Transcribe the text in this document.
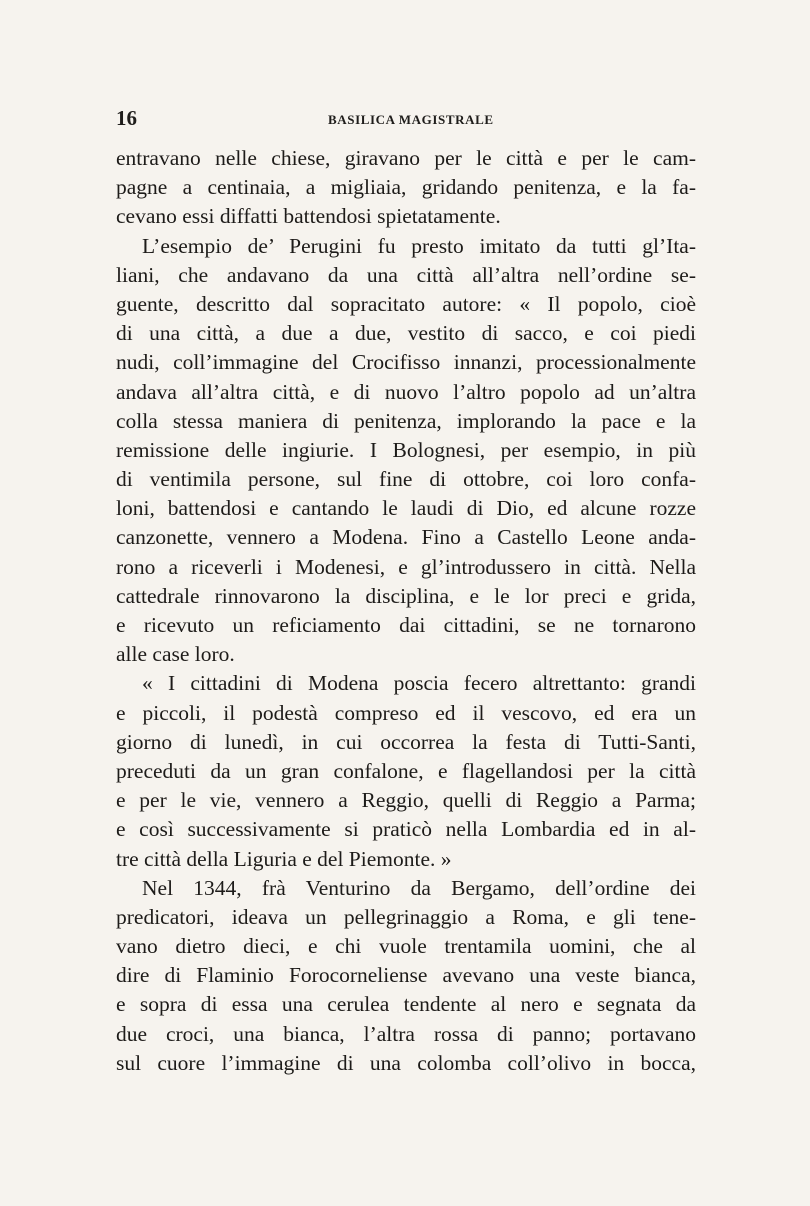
16	BASILICA MAGISTRALE
entravano nelle chiese, giravano per le città e per le cam-
pagne a centinaia, a migliaia, gridando penitenza, e la fa-
cevano essi diffatti battendosi spietatamente.
L’esempio de’ Perugini fu presto imitato da tutti gl’Ita-
liani, che andavano da una città all’altra nell’ordine se-
guente, descritto dal sopracitato autore: « Il popolo, cioè
di una città, a due a due, vestito di sacco, e coi piedi
nudi, coll’immagine del Crocifisso innanzi, processionalmente
andava all’altra città, e di nuovo l’altro popolo ad un’altra
colla stessa maniera di penitenza, implorando la pace e la
remissione delle ingiurie. I Bolognesi, per esempio, in più
di ventimila persone, sul fine di ottobre, coi loro confa-
loni, battendosi e cantando le laudi di Dio, ed alcune rozze
canzonette, vennero a Modena. Fino a Castello Leone anda-
rono a riceverli i Modenesi, e gl’introdussero in città. Nella
cattedrale rinnovarono la disciplina, e le lor preci e grida,
e ricevuto un reficiamento dai cittadini, se ne tornarono
alle case loro.
« I cittadini di Modena poscia fecero altrettanto: grandi
e piccoli, il podestà compreso ed il vescovo, ed era un
giorno di lunedì, in cui occorrea la festa di Tutti-Santi,
preceduti da un gran confalone, e flagellandosi per la città
e per le vie, vennero a Reggio, quelli di Reggio a Parma;
e così successivamente si praticò nella Lombardia ed in al-
tre città della Liguria e del Piemonte. »
Nel 1344, frà Venturino da Bergamo, dell’ordine dei
predicatori, ideava un pellegrinaggio a Roma, e gli tene-
vano dietro dieci, e chi vuole trentamila uomini, che al
dire di Flaminio Forocorneliense avevano una veste bianca,
e sopra di essa una cerulea tendente al nero e segnata da
due croci, una bianca, l’altra rossa di panno; portavano
sul cuore l’immagine di una colomba coll’olivo in bocca,
